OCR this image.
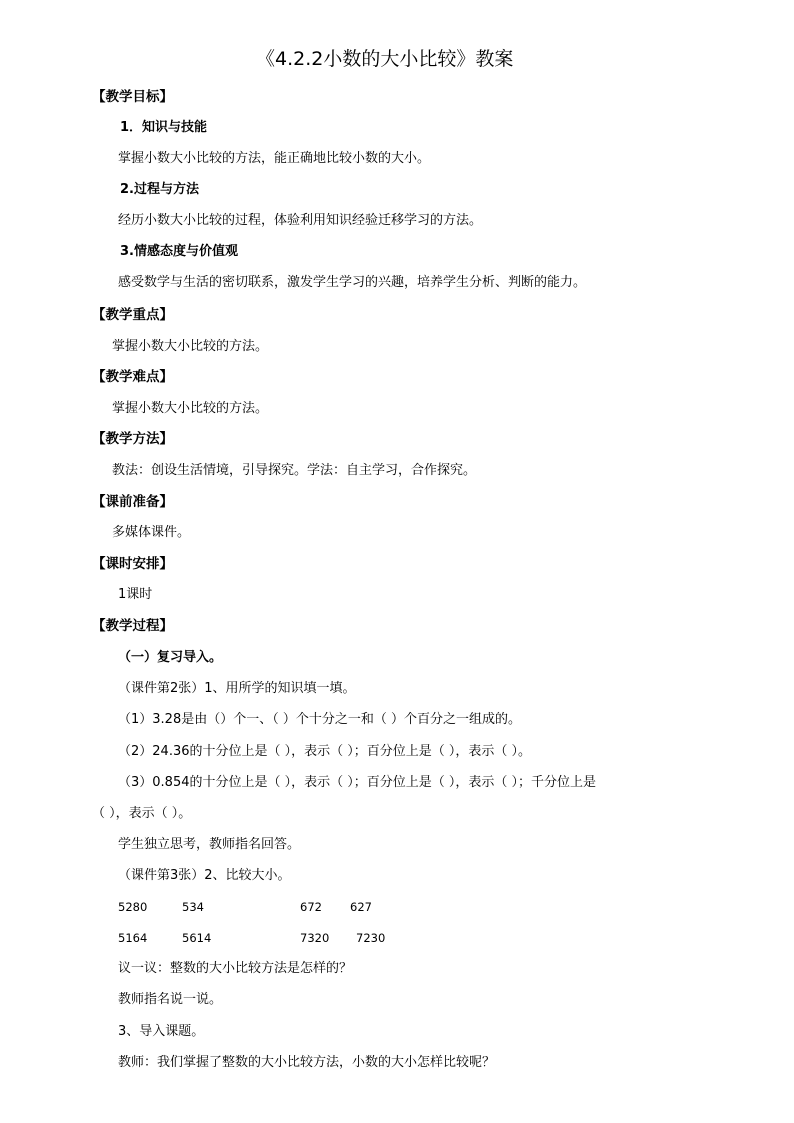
《4.2.2小数的大小比较》教案
【教学目标】
1．知识与技能
掌握小数大小比较的方法，能正确地比较小数的大小。
2.过程与方法
经历小数大小比较的过程，体验利用知识经验迁移学习的方法。
3.情感态度与价值观
感受数学与生活的密切联系，激发学生学习的兴趣，培养学生分析、判断的能力。
【教学重点】
掌握小数大小比较的方法。
【教学难点】
掌握小数大小比较的方法。
【教学方法】
教法：创设生活情境，引导探究。学法：自主学习，合作探究。
【课前准备】
多媒体课件。
【课时安排】
1课时
【教学过程】
（一）复习导入。
（课件第2张）1、用所学的知识填一填。
（1）3.28是由（）个一、（ ）个十分之一和（ ）个百分之一组成的。
（2）24.36的十分位上是（ ），表示（ ）；百分位上是（ ），表示（ ）。
（3）0.854的十分位上是（ ），表示（ ）；百分位上是（ ），表示（ ）；千分位上是
（ ），表示（ ）。
学生独立思考，教师指名回答。
（课件第3张）2、比较大小。
5280	534	672 627
5164	5614	7320 7230
议一议：整数的大小比较方法是怎样的？
教师指名说一说。
3、导入课题。
教师：我们掌握了整数的大小比较方法，小数的大小怎样比较呢？
